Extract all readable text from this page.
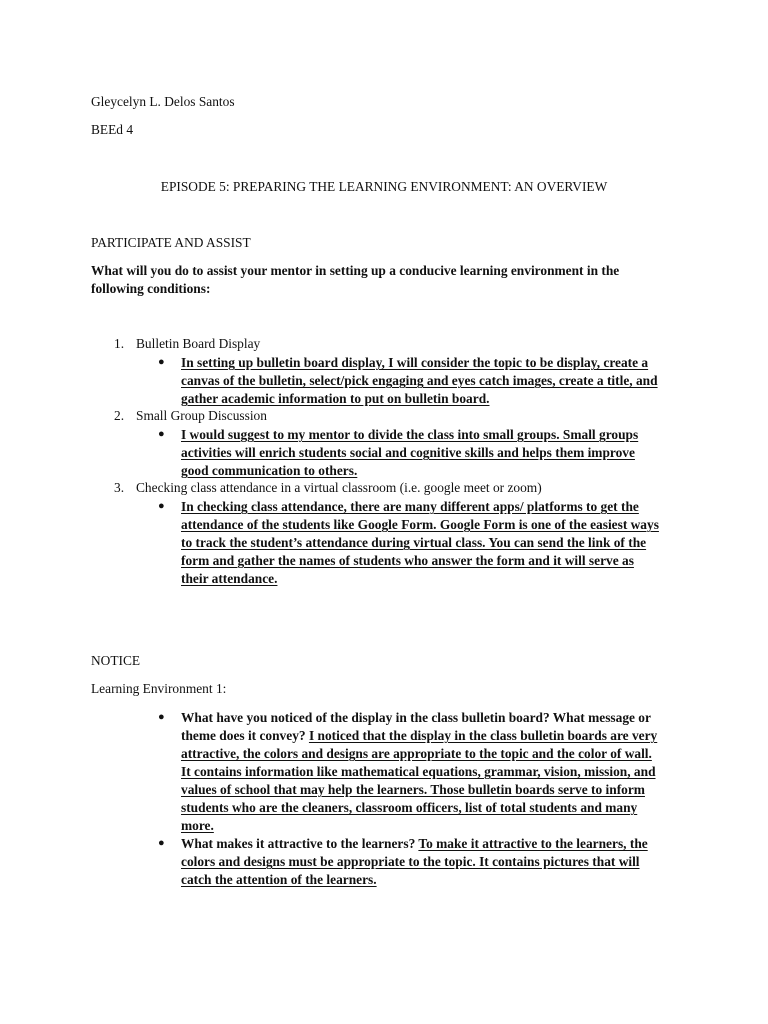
Gleycelyn L. Delos Santos
BEEd 4
EPISODE 5: PREPARING THE LEARNING ENVIRONMENT: AN OVERVIEW
PARTICIPATE AND ASSIST
What will you do to assist your mentor in setting up a conducive learning environment in the
following conditions:
1. Bulletin Board Display
● In setting up bulletin board display, I will consider the topic to be display, create a
canvas of the bulletin, select/pick engaging and eyes catch images, create a title, and
gather academic information to put on bulletin board.
2. Small Group Discussion
● I would suggest to my mentor to divide the class into small groups. Small groups
activities will enrich students social and cognitive skills and helps them improve
good communication to others.
3. Checking class attendance in a virtual classroom (i.e. google meet or zoom)
● In checking class attendance, there are many different apps/ platforms to get the
attendance of the students like Google Form. Google Form is one of the easiest ways
to track the student’s attendance during virtual class. You can send the link of the
form and gather the names of students who answer the form and it will serve as
their attendance.
NOTICE
Learning Environment 1:
● What have you noticed of the display in the class bulletin board? What message or
theme does it convey? I noticed that the display in the class bulletin boards are very
attractive, the colors and designs are appropriate to the topic and the color of wall.
It contains information like mathematical equations, grammar, vision, mission, and
values of school that may help the learners. Those bulletin boards serve to inform
students who are the cleaners, classroom officers, list of total students and many
more.
● What makes it attractive to the learners? To make it attractive to the learners, the
colors and designs must be appropriate to the topic. It contains pictures that will
catch the attention of the learners.
